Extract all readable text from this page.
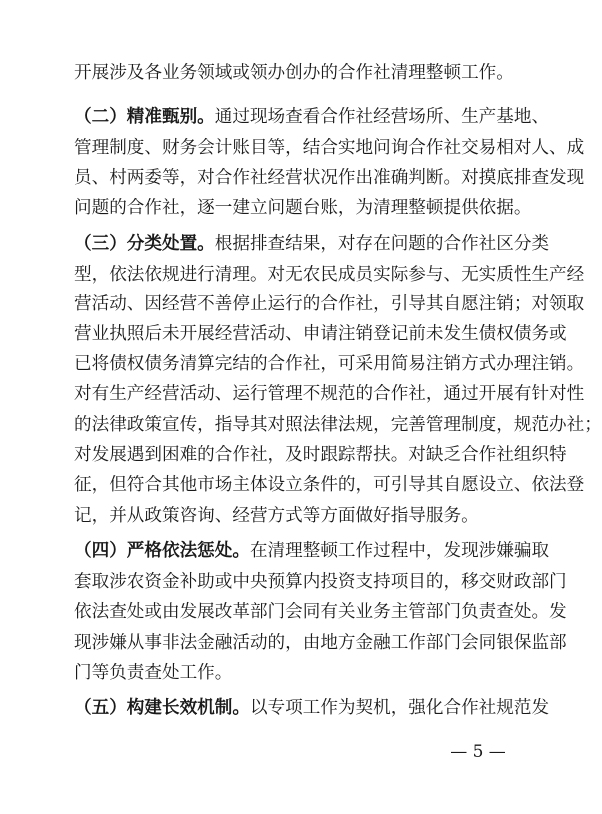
开展涉及各业务领域或领办创办的合作社清理整顿工作。
（二）精准甄别。通过现场查看合作社经营场所、生产基地、
管理制度、财务会计账目等，结合实地问询合作社交易相对人、成
员、村两委等，对合作社经营状况作出准确判断。对摸底排查发现
问题的合作社，逐一建立问题台账，为清理整顿提供依据。
（三）分类处置。根据排查结果，对存在问题的合作社区分类
型，依法依规进行清理。对无农民成员实际参与、无实质性生产经
营活动、因经营不善停止运行的合作社，引导其自愿注销；对领取
营业执照后未开展经营活动、申请注销登记前未发生债权债务或
已将债权债务清算完结的合作社，可采用简易注销方式办理注销。
对有生产经营活动、运行管理不规范的合作社，通过开展有针对性
的法律政策宣传，指导其对照法律法规，完善管理制度，规范办社；
对发展遇到困难的合作社，及时跟踪帮扶。对缺乏合作社组织特
征，但符合其他市场主体设立条件的，可引导其自愿设立、依法登
记，并从政策咨询、经营方式等方面做好指导服务。
（四）严格依法惩处。在清理整顿工作过程中，发现涉嫌骗取
套取涉农资金补助或中央预算内投资支持项目的，移交财政部门
依法查处或由发展改革部门会同有关业务主管部门负责查处。发
现涉嫌从事非法金融活动的，由地方金融工作部门会同银保监部
门等负责查处工作。
（五）构建长效机制。以专项工作为契机，强化合作社规范发
— 5 —
